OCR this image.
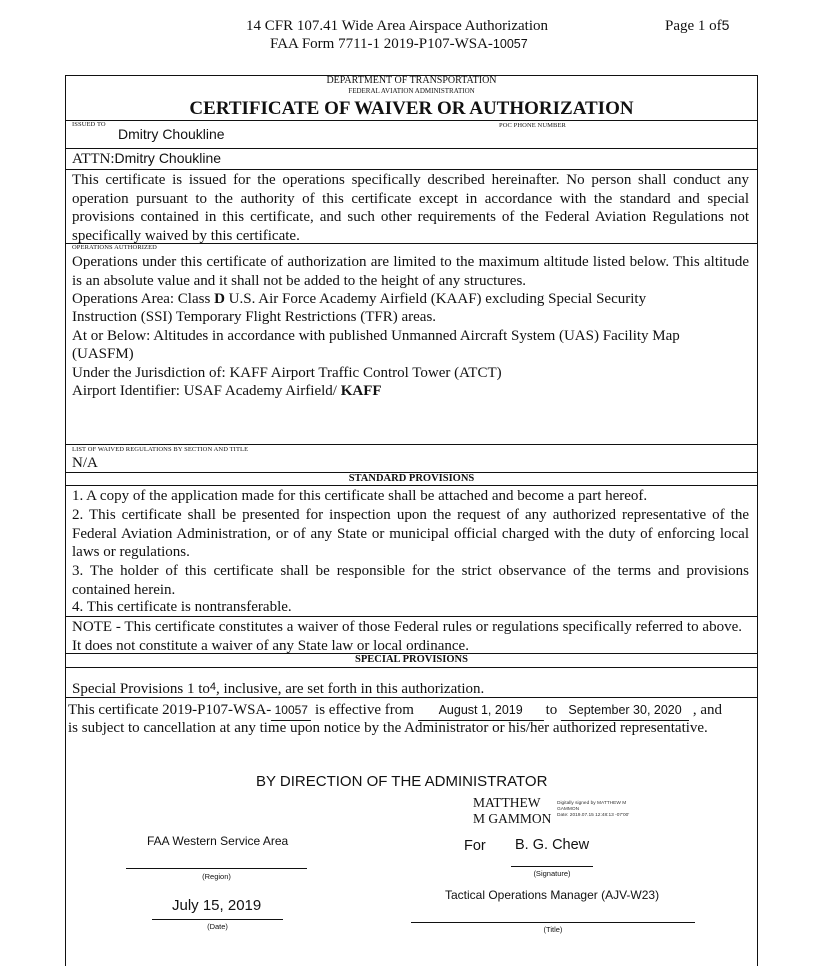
14 CFR 107.41 Wide Area Airspace Authorization
FAA Form 7711-1 2019-P107-WSA-10057
Page 1 of5
DEPARTMENT OF TRANSPORTATION
FEDERAL AVIATION ADMINISTRATION
CERTIFICATE OF WAIVER OR AUTHORIZATION
ISSUED TO
Dmitry Choukline
POC PHONE NUMBER
ATTN:Dmitry Choukline
This certificate is issued for the operations specifically described hereinafter. No person shall conduct any operation pursuant to the authority of this certificate except in accordance with the standard and special provisions contained in this certificate, and such other requirements of the Federal Aviation Regulations not specifically waived by this certificate.
OPERATIONS AUTHORIZED
Operations under this certificate of authorization are limited to the maximum altitude listed below. This altitude is an absolute value and it shall not be added to the height of any structures.
Operations Area: Class D U.S. Air Force Academy Airfield (KAAF) excluding Special Security
Instruction (SSI) Temporary Flight Restrictions (TFR) areas.
At or Below: Altitudes in accordance with published Unmanned Aircraft System (UAS) Facility Map
(UASFM)
Under the Jurisdiction of: KAFF Airport Traffic Control Tower (ATCT)
Airport Identifier: USAF Academy Airfield/ KAFF
LIST OF WAIVED REGULATIONS BY SECTION AND TITLE
N/A
STANDARD PROVISIONS
1. A copy of the application made for this certificate shall be attached and become a part hereof.
2. This certificate shall be presented for inspection upon the request of any authorized representative of the Federal Aviation Administration, or of any State or municipal official charged with the duty of enforcing local laws or regulations.
3. The holder of this certificate shall be responsible for the strict observance of the terms and provisions contained herein.
4. This certificate is nontransferable.
NOTE - This certificate constitutes a waiver of those Federal rules or regulations specifically referred to above. It does not constitute a waiver of any State law or local ordinance.
SPECIAL PROVISIONS
Special Provisions 1 $to^4$, inclusive, are set forth in this authorization.
This certificate 2019-P107-WSA- 10057 is effective from August 1, 2019 to September 30, 2020 , and
is subject to cancellation at any time upon notice by the Administrator or his/her authorized representative.
BY DIRECTION OF THE ADMINISTRATOR
MATTHEW
M GAMMON
Digitally signed by MATTHEW M
GAMMON
Date: 2019.07.15 12:48:13 -07'00'
FAA Western Service Area
(Region)
For B. G. Chew
(Signature)
Tactical Operations Manager (AJV-W23)
(Title)
July 15, 2019
(Date)
